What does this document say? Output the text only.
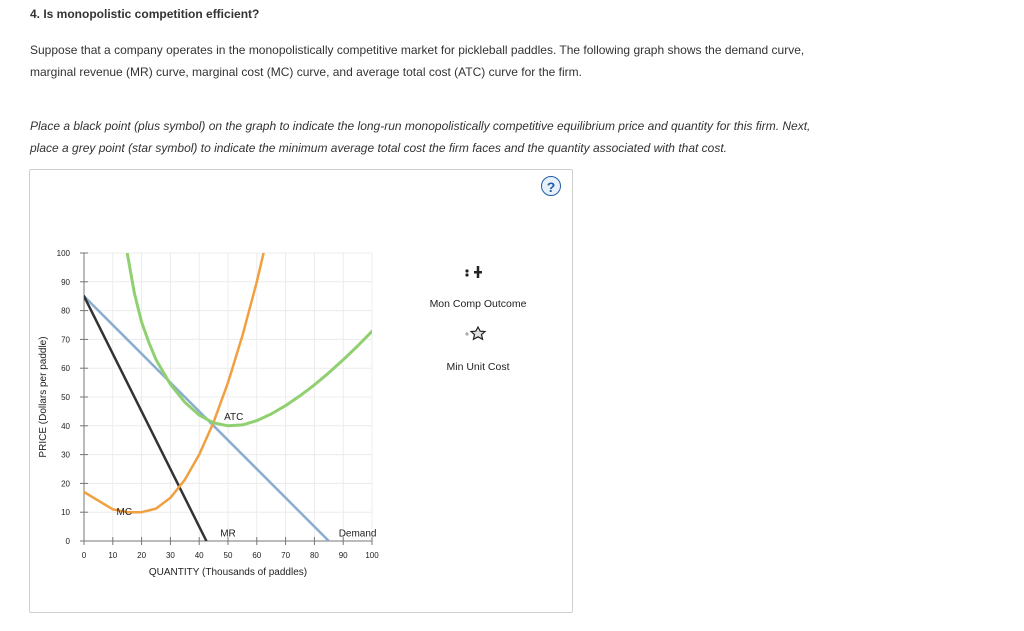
4. Is monopolistic competition efficient?
Suppose that a company operates in the monopolistically competitive market for pickleball paddles. The following graph shows the demand curve,
marginal revenue (MR) curve, marginal cost (MC) curve, and average total cost (ATC) curve for the firm.
Place a black point (plus symbol) on the graph to indicate the long-run monopolistically competitive equilibrium price and quantity for this firm. Next,
place a grey point (star symbol) to indicate the minimum average total cost the firm faces and the quantity associated with that cost.
?
0	10 20 30 40 50 60 70 80 90 100
0
10
20
30
40
50
60
70
80
90
100
MC
ATC
MR	Demand
QUANTITY (Thousands of paddles)
PRICE (Dollars per paddle)
Mon Comp Outcome
Min Unit Cost
